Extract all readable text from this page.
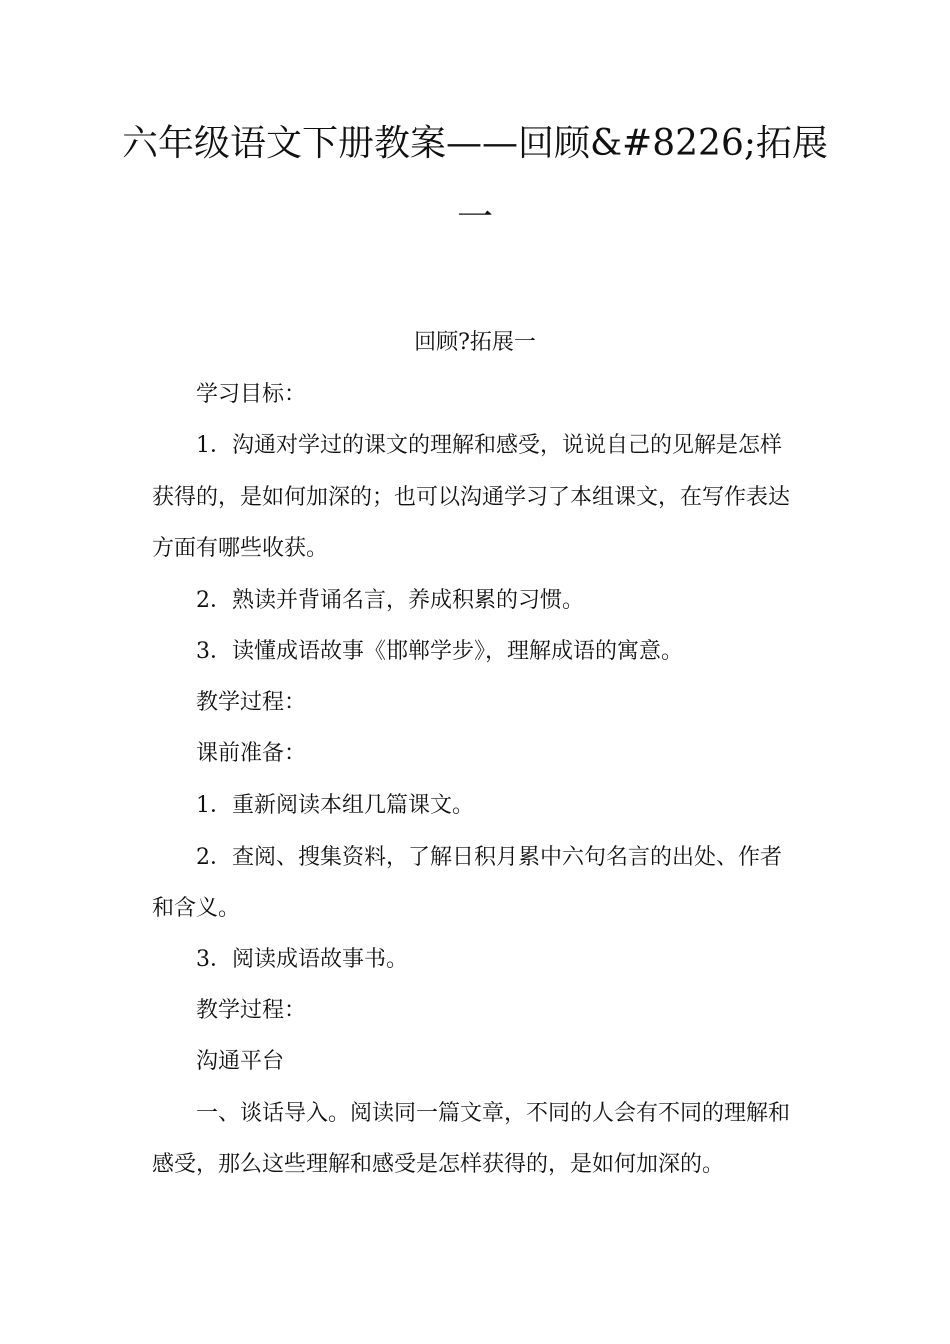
六年级语文下册教案——回顾&#8226;拓展
一

回顾?拓展一

学习目标：

1．沟通对学过的课文的理解和感受，说说自己的见解是怎样

获得的，是如何加深的；也可以沟通学习了本组课文，在写作表达

方面有哪些收获。

2．熟读并背诵名言，养成积累的习惯。

3．读懂成语故事《邯郸学步》，理解成语的寓意。

教学过程：

课前准备：

1．重新阅读本组几篇课文。

2．查阅、搜集资料，了解日积月累中六句名言的出处、作者

和含义。

3．阅读成语故事书。

教学过程：

沟通平台

一、谈话导入。阅读同一篇文章，不同的人会有不同的理解和

感受，那么这些理解和感受是怎样获得的，是如何加深的。
